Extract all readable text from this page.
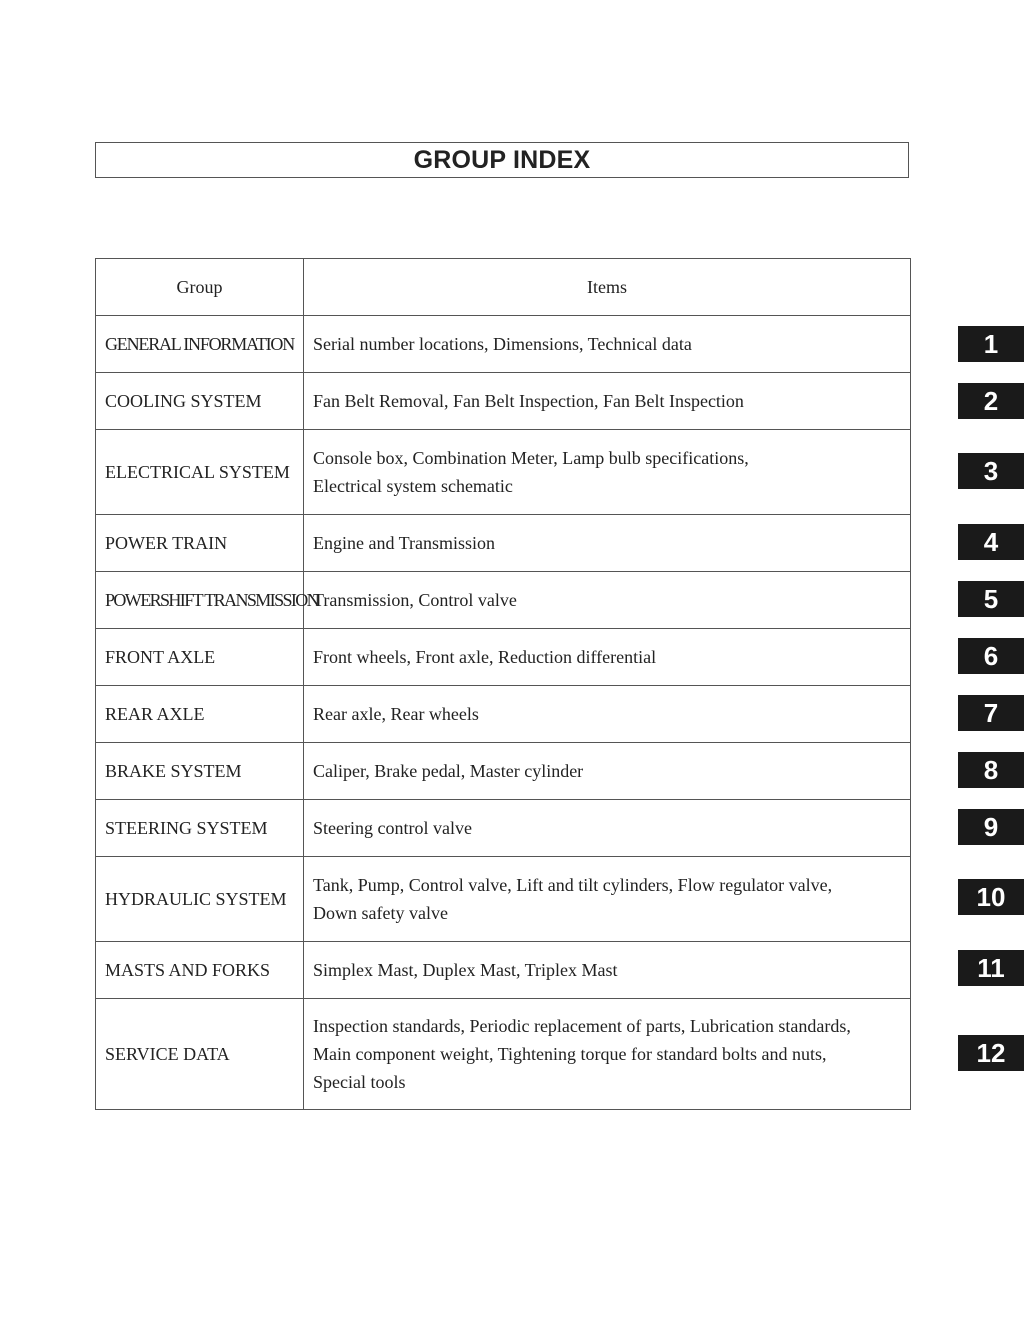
GROUP INDEX
Group	Items
GENERAL INFORMATION	Serial number locations, Dimensions, Technical data

COOLING SYSTEM	Fan Belt Removal, Fan Belt Inspection, Fan Belt Inspection

ELECTRICAL SYSTEM	Console box, Combination Meter, Lamp bulb specifications,
Electrical system schematic

POWER TRAIN	Engine and Transmission

POWERSHIFT TRANSMISSION	Transmission, Control valve

FRONT AXLE	Front wheels, Front axle, Reduction differential

REAR AXLE	Rear axle, Rear wheels

BRAKE SYSTEM	Caliper, Brake pedal, Master cylinder

STEERING SYSTEM	Steering control valve

HYDRAULIC SYSTEM	Tank, Pump, Control valve, Lift and tilt cylinders, Flow regulator valve,
Down safety valve

MASTS AND FORKS	Simplex Mast, Duplex Mast, Triplex Mast

SERVICE DATA	Inspection standards, Periodic replacement of parts, Lubrication standards,
Main component weight, Tightening torque for standard bolts and nuts,
Special tools
1
2
3
4
5
6
7
8
9
10
11
12
